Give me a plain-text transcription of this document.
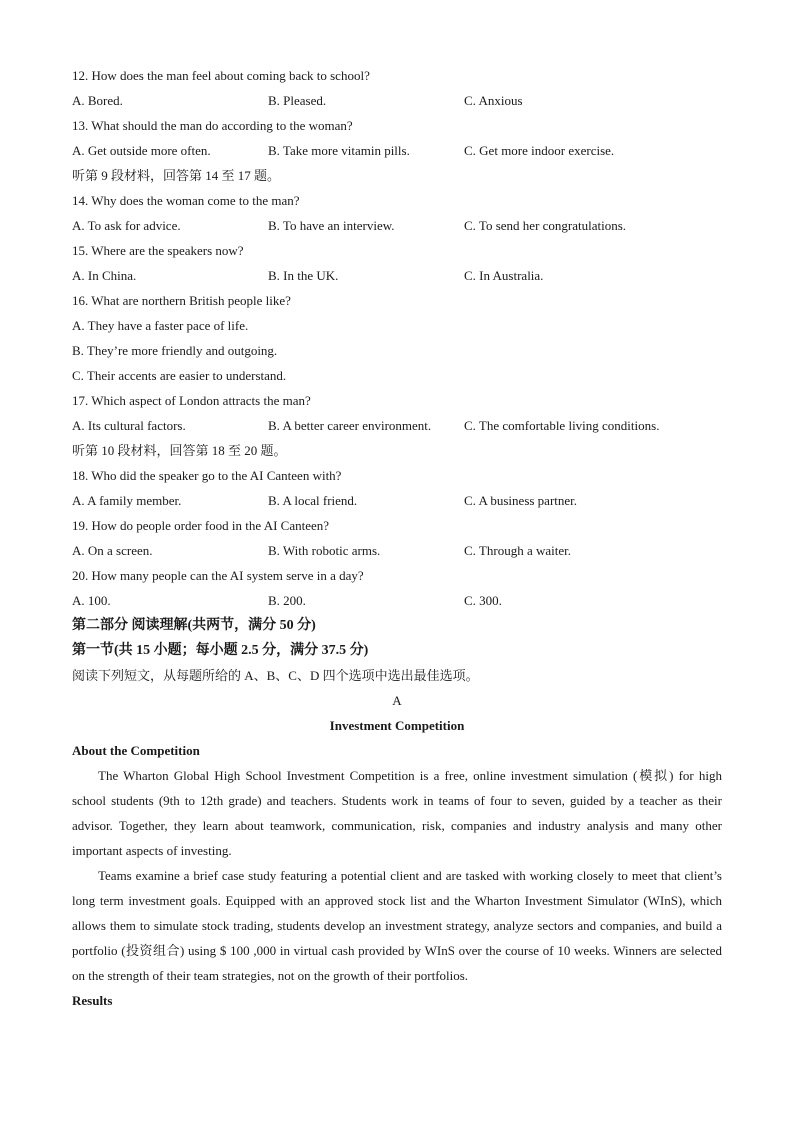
12. How does the man feel about coming back to school?
A. Bored.	B. Pleased.	C. Anxious
13. What should the man do according to the woman?
A. Get outside more often.	B. Take more vitamin pills.	C. Get more indoor exercise.
听第 9 段材料，回答第 14 至 17 题。
14. Why does the woman come to the man?
A. To ask for advice.	B. To have an interview.	C. To send her congratulations.
15. Where are the speakers now?
A. In China.	B. In the UK.	C. In Australia.
16. What are northern British people like?
A. They have a faster pace of life.
B. They’re more friendly and outgoing.
C. Their accents are easier to understand.
17. Which aspect of London attracts the man?
A. Its cultural factors.	B. A better career environment.	C. The comfortable living conditions.
听第 10 段材料，回答第 18 至 20 题。
18. Who did the speaker go to the AI Canteen with?
A. A family member.	B. A local friend.	C. A business partner.
19. How do people order food in the AI Canteen?
A. On a screen.	B. With robotic arms.	C. Through a waiter.
20. How many people can the AI system serve in a day?
A. 100.	B. 200.	C. 300.
第二部分 阅读理解(共两节，满分 50 分)
第一节(共 15 小题；每小题 2.5 分，满分 37.5 分)
阅读下列短文，从每题所给的 A、B、C、D 四个选项中选出最佳选项。
A
Investment Competition
About the Competition
The Wharton Global High School Investment Competition is a free, online investment simulation (模拟) for high school students (9th to 12th grade) and teachers. Students work in teams of four to seven, guided by a teacher as their advisor. Together, they learn about teamwork, communication, risk, companies and industry analysis and many other important aspects of investing.
Teams examine a brief case study featuring a potential client and are tasked with working closely to meet that client’s long term investment goals. Equipped with an approved stock list and the Wharton Investment Simulator (WInS), which allows them to simulate stock trading, students develop an investment strategy, analyze sectors and companies, and build a portfolio (投资组合) using $ 100 ,000 in virtual cash provided by WInS over the course of 10 weeks. Winners are selected on the strength of their team strategies, not on the growth of their portfolios.
Results
